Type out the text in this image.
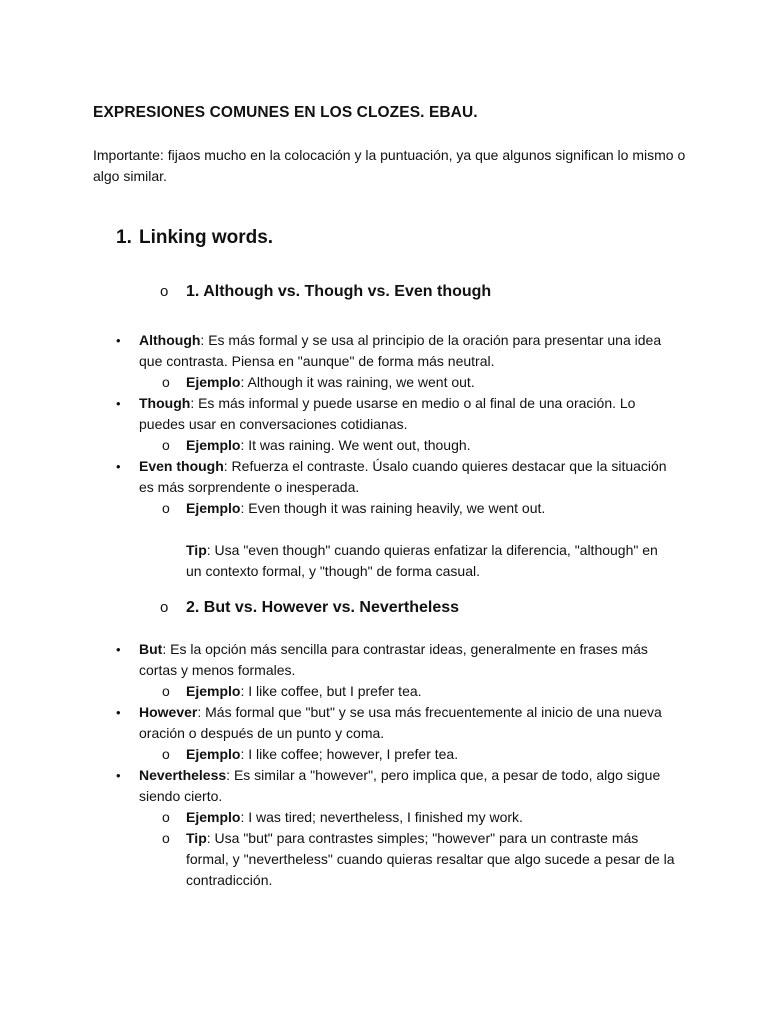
EXPRESIONES COMUNES EN LOS CLOZES. EBAU.

Importante: fijaos mucho en la colocación y la puntuación, ya que algunos significan lo mismo o algo similar.

1. Linking words.
o 1. Although vs. Though vs. Even though
• Although: Es más formal y se usa al principio de la oración para presentar una idea que contrasta. Piensa en "aunque" de forma más neutral.
o Ejemplo: Although it was raining, we went out.
• Though: Es más informal y puede usarse en medio o al final de una oración. Lo puedes usar en conversaciones cotidianas.
o Ejemplo: It was raining. We went out, though.
• Even though: Refuerza el contraste. Úsalo cuando quieres destacar que la situación es más sorprendente o inesperada.
o Ejemplo: Even though it was raining heavily, we went out.
Tip: Usa "even though" cuando quieras enfatizar la diferencia, "although" en un contexto formal, y "though" de forma casual.
o 2. But vs. However vs. Nevertheless
• But: Es la opción más sencilla para contrastar ideas, generalmente en frases más cortas y menos formales.
o Ejemplo: I like coffee, but I prefer tea.
• However: Más formal que "but" y se usa más frecuentemente al inicio de una nueva oración o después de un punto y coma.
o Ejemplo: I like coffee; however, I prefer tea.
• Nevertheless: Es similar a "however", pero implica que, a pesar de todo, algo sigue siendo cierto.
o Ejemplo: I was tired; nevertheless, I finished my work.
o Tip: Usa "but" para contrastes simples; "however" para un contraste más formal, y "nevertheless" cuando quieras resaltar que algo sucede a pesar de la contradicción.
